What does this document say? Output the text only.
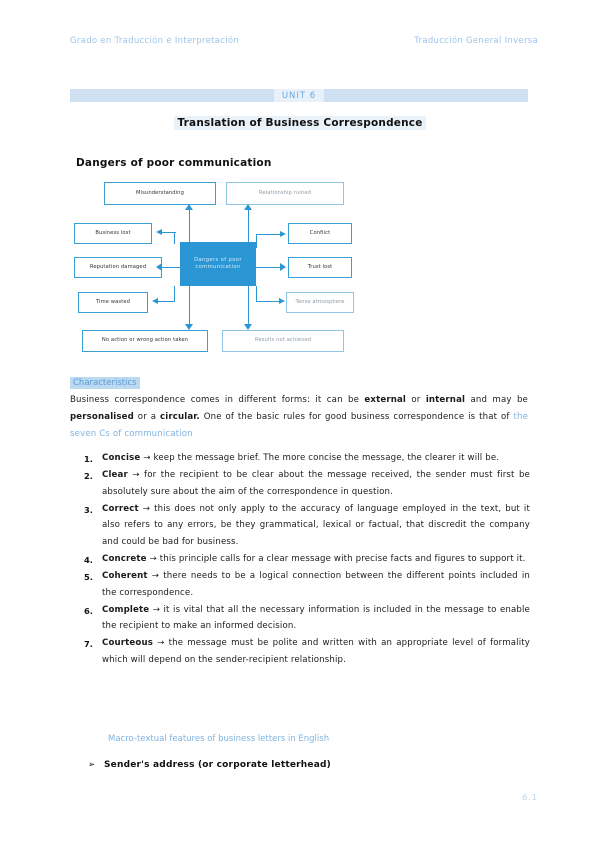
Grado en Traducción e Interpretación	Traducción General Inversa
UNIT 6
Translation of Business Correspondence
Dangers of poor communication
Misunderstanding	Relationship ruined
Business lost
Reputation damaged
Time wasted
Conflict
Trust lost
Tense atmosphere
No action or wrong action taken	Results not achieved
Dangers of poor communication
Characteristics
Business correspondence comes in different forms: it can be external or internal and may be personalised or a circular. One of the basic rules for good business correspondence is that of the seven Cs of communication
1.	Concise → keep the message brief. The more concise the message, the clearer it will be.
2.	Clear → for the recipient to be clear about the message received, the sender must first be absolutely sure about the aim of the correspondence in question.
3.	Correct → this does not only apply to the accuracy of language employed in the text, but it also refers to any errors, be they grammatical, lexical or factual, that discredit the company and could be bad for business.
4.	Concrete → this principle calls for a clear message with precise facts and figures to support it.
5.	Coherent → there needs to be a logical connection between the different points included in the correspondence.
6.	Complete → it is vital that all the necessary information is included in the message to enable the recipient to make an informed decision.
7.	Courteous → the message must be polite and written with an appropriate level of formality which will depend on the sender-recipient relationship.
Macro-textual features of business letters in English
➢ Sender's address (or corporate letterhead)
6.1
